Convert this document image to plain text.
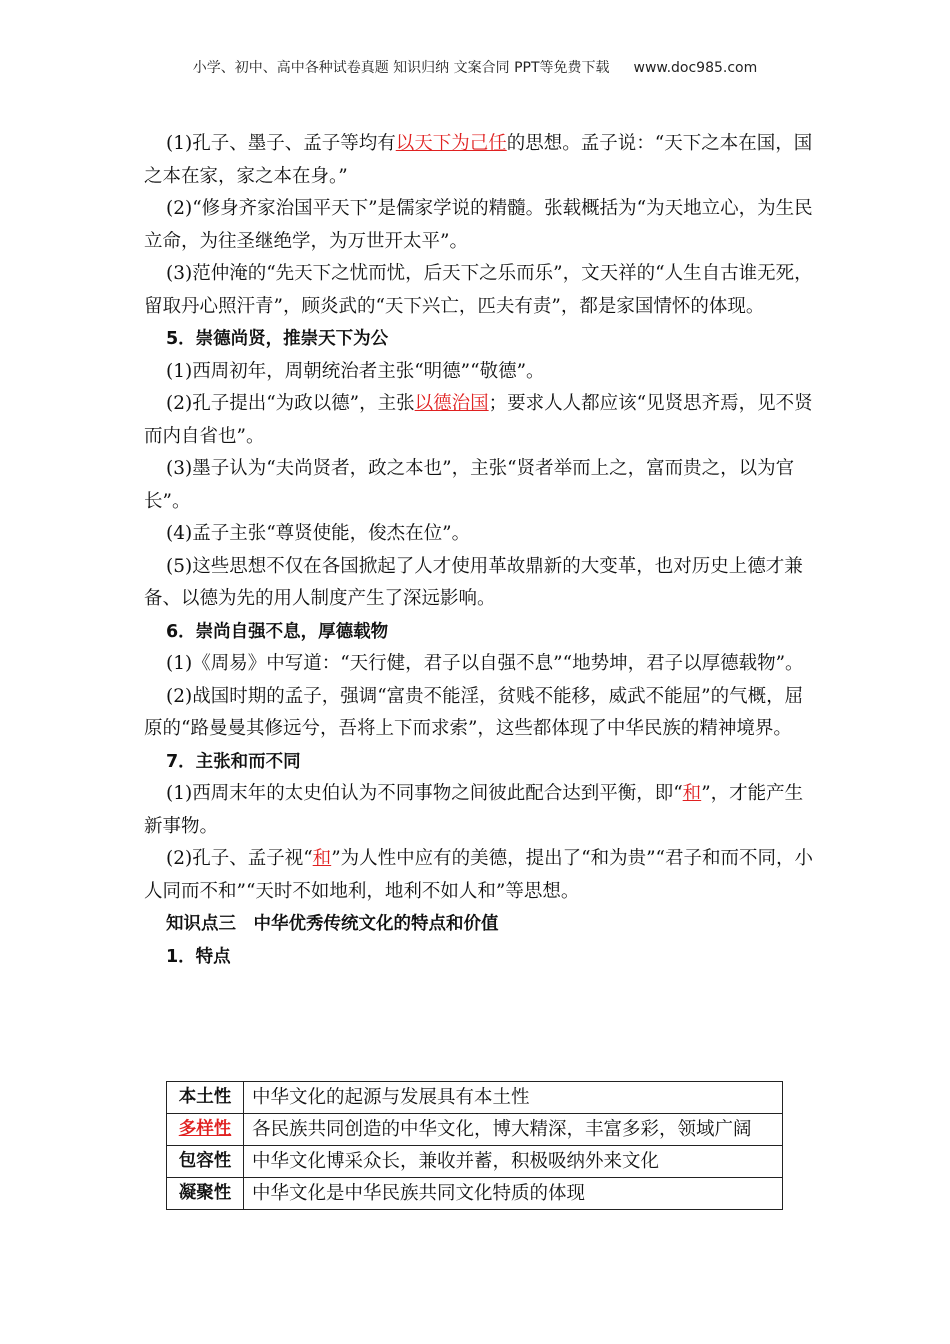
小学、初中、高中各种试卷真题 知识归纳 文案合同 PPT等免费下载 www.doc985.com

(1)孔子、墨子、孟子等均有以天下为己任的思想。孟子说：“天下之本在国，国之本在家，家之本在身。”

(2)“修身齐家治国平天下”是儒家学说的精髓。张载概括为“为天地立心，为生民立命，为往圣继绝学，为万世开太平”。

(3)范仲淹的“先天下之忧而忧，后天下之乐而乐”，文天祥的“人生自古谁无死，留取丹心照汗青”，顾炎武的“天下兴亡，匹夫有责”，都是家国情怀的体现。

5．崇德尚贤，推崇天下为公

(1)西周初年，周朝统治者主张“明德”“敬德”。

(2)孔子提出“为政以德”，主张以德治国；要求人人都应该“见贤思齐焉，见不贤而内自省也”。

(3)墨子认为“夫尚贤者，政之本也”，主张“贤者举而上之，富而贵之，以为官长”。

(4)孟子主张“尊贤使能，俊杰在位”。

(5)这些思想不仅在各国掀起了人才使用革故鼎新的大变革，也对历史上德才兼备、以德为先的用人制度产生了深远影响。

6．崇尚自强不息，厚德载物

(1)《周易》中写道：“天行健，君子以自强不息”“地势坤，君子以厚德载物”。

(2)战国时期的孟子，强调“富贵不能淫，贫贱不能移，威武不能屈”的气概，屈原的“路曼曼其修远兮，吾将上下而求索”，这些都体现了中华民族的精神境界。

7．主张和而不同

(1)西周末年的太史伯认为不同事物之间彼此配合达到平衡，即“和”，才能产生新事物。

(2)孔子、孟子视“和”为人性中应有的美德，提出了“和为贵”“君子和而不同，小人同而不和”“天时不如地利，地利不如人和”等思想。

知识点三　中华优秀传统文化的特点和价值

1．特点

本土性	中华文化的起源与发展具有本土性
多样性	各民族共同创造的中华文化，博大精深，丰富多彩，领域广阔
包容性	中华文化博采众长，兼收并蓄，积极吸纳外来文化
凝聚性	中华文化是中华民族共同文化特质的体现
